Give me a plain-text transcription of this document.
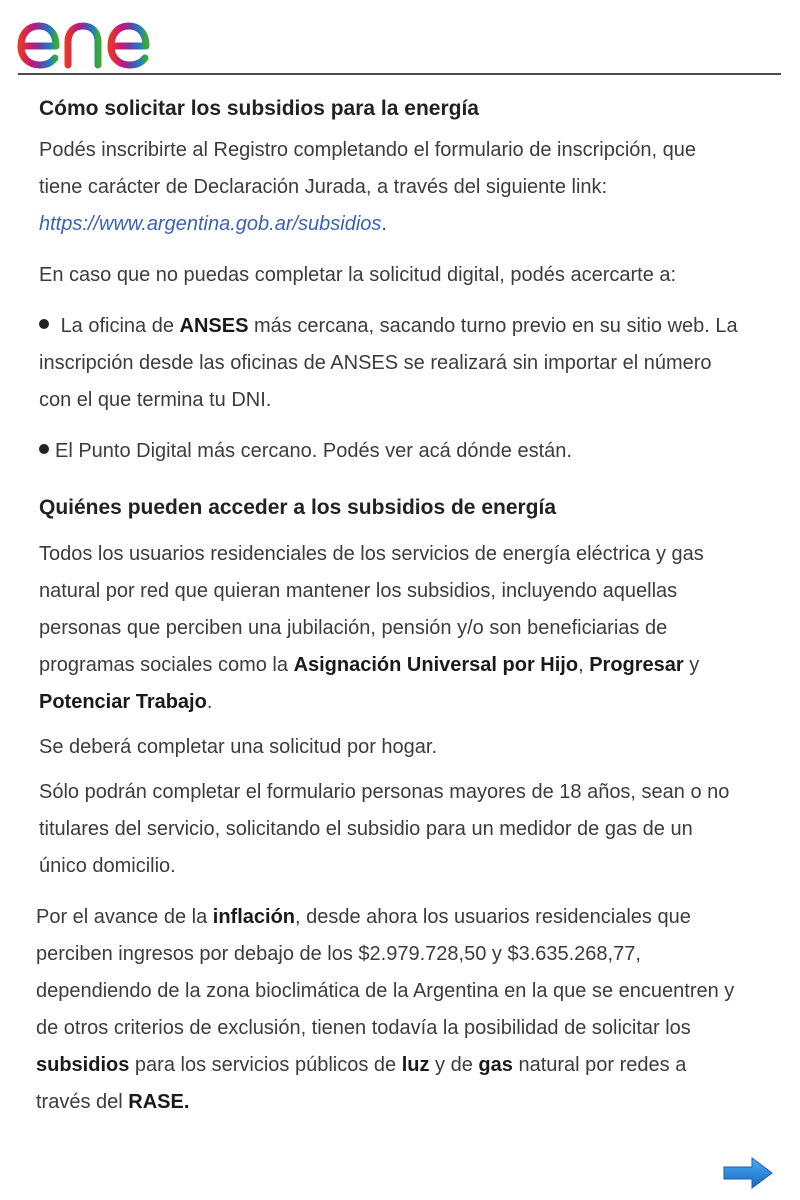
Cómo solicitar los subsidios para la energía

Podés inscribirte al Registro completando el formulario de inscripción, que tiene carácter de Declaración Jurada, a través del siguiente link: https://www.argentina.gob.ar/subsidios.

En caso que no puedas completar la solicitud digital, podés acercarte a:

La oficina de ANSES más cercana, sacando turno previo en su sitio web. La inscripción desde las oficinas de ANSES se realizará sin importar el número con el que termina tu DNI.

El Punto Digital más cercano. Podés ver acá dónde están.

Quiénes pueden acceder a los subsidios de energía

Todos los usuarios residenciales de los servicios de energía eléctrica y gas natural por red que quieran mantener los subsidios, incluyendo aquellas personas que perciben una jubilación, pensión y/o son beneficiarias de programas sociales como la Asignación Universal por Hijo, Progresar y Potenciar Trabajo.

Se deberá completar una solicitud por hogar.

Sólo podrán completar el formulario personas mayores de 18 años, sean o no titulares del servicio, solicitando el subsidio para un medidor de gas de un único domicilio.

Por el avance de la inflación, desde ahora los usuarios residenciales que perciben ingresos por debajo de los $2.979.728,50 y $3.635.268,77, dependiendo de la zona bioclimática de la Argentina en la que se encuentren y de otros criterios de exclusión, tienen todavía la posibilidad de solicitar los subsidios para los servicios públicos de luz y de gas natural por redes a través del RASE.
